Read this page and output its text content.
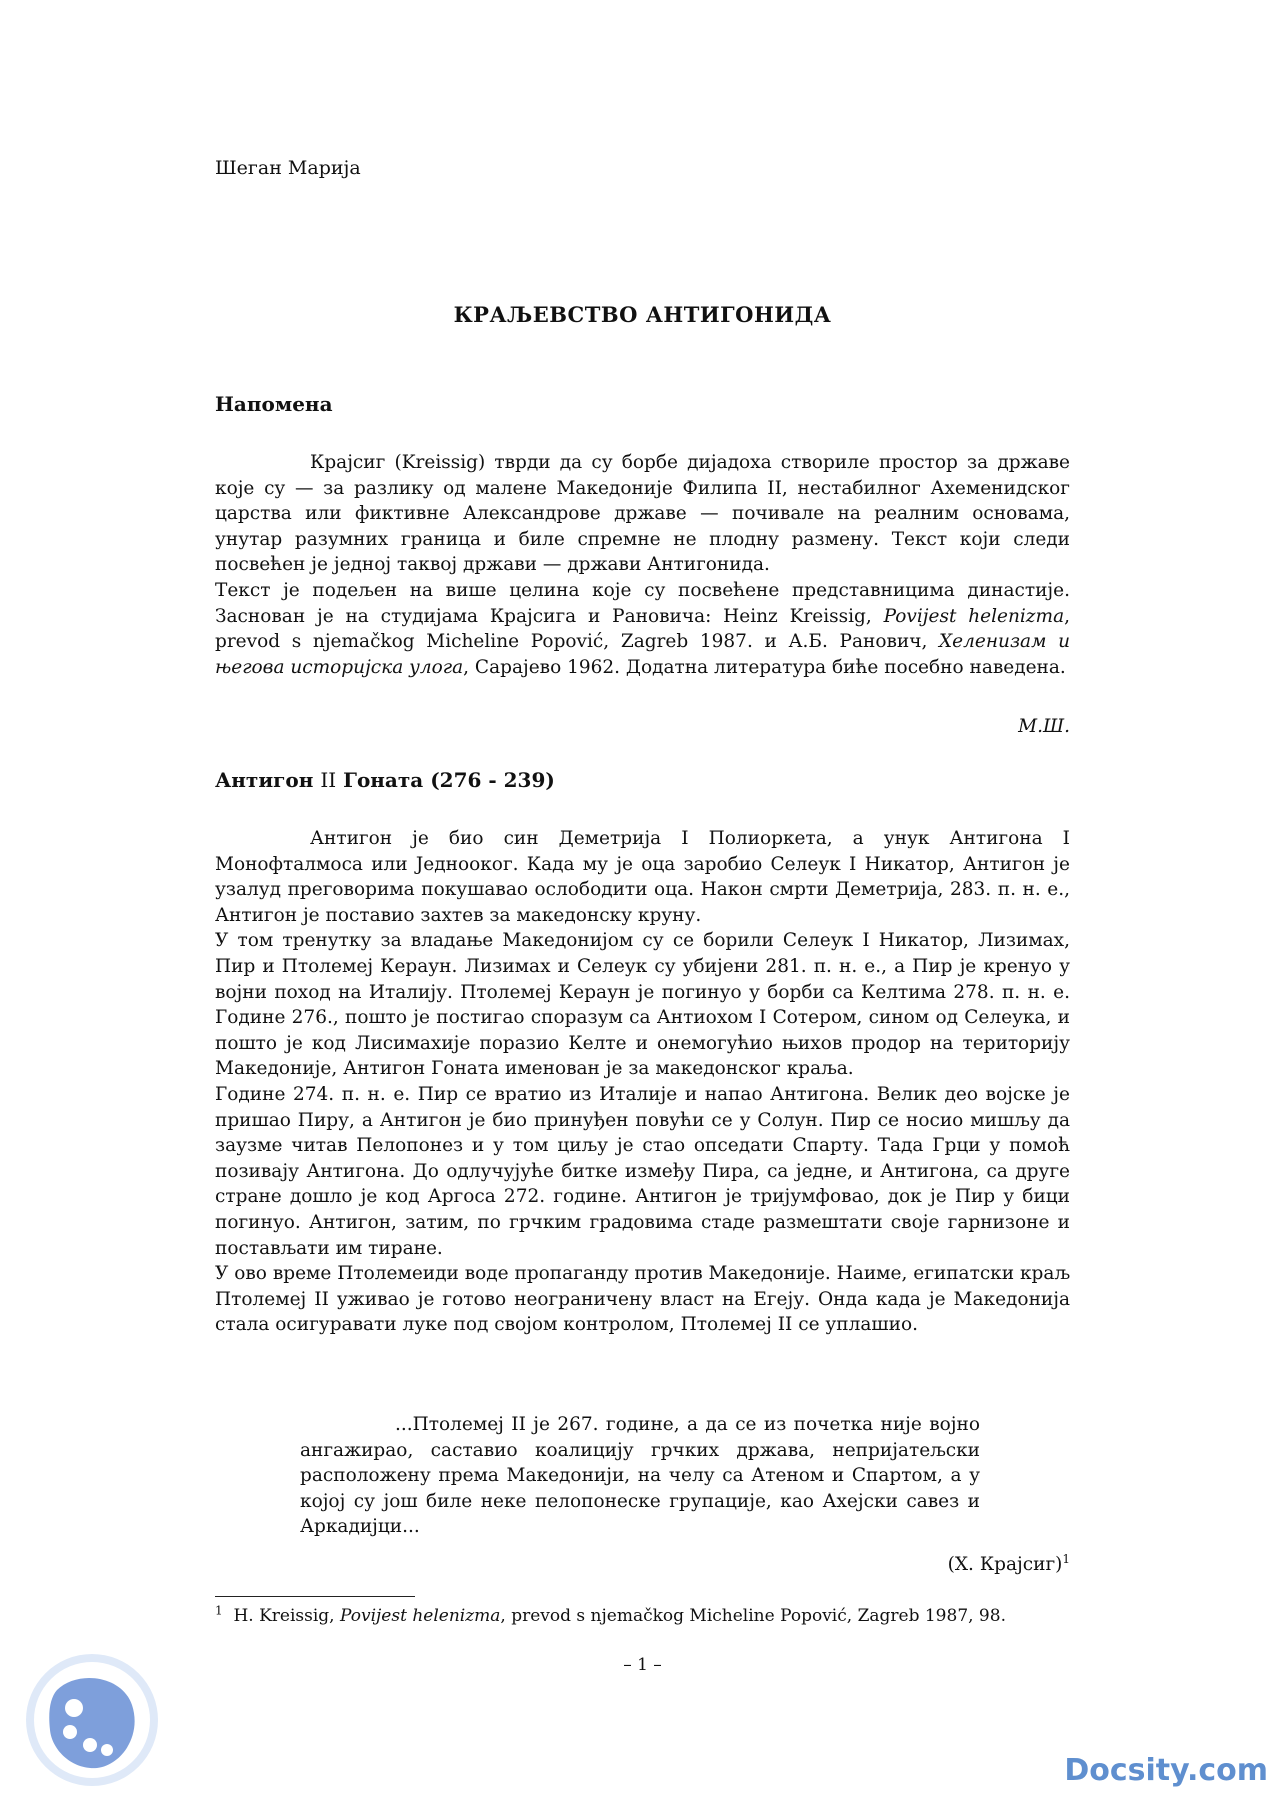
Шеган Марија
КРАЉЕВСТВО АНТИГОНИДА
Напомена

Крајсиг (Kreissig) тврди да су борбе дијадоха створиле простор за државе које су — за разлику од малене Македоније Филипа II, нестабилног Ахеменидског царства или фиктивне Александрове државе — почивале на реалним основама, унутар разумних граница и биле спремне не плодну размену. Текст који следи посвећен је једној таквој држави — држави Антигонида.

Текст је подељен на више целина које су посвећене представницима династије. Заснован је на студијама Крајсига и Рановича: Heinz Kreissig, Povijest helenizma, prevod s njemačkog Micheline Popović, Zagreb 1987. и А.Б. Ранович, Хеленизам и његова историјска улога, Сарајево 1962. Додатна литература биће посебно наведена.

М.Ш.
Антигон II Гоната (276 - 239)

Антигон је био син Деметрија I Полиоркета, а унук Антигона I Монофталмоса или Једнооког. Када му је оца заробио Селеук I Никатор, Антигон је узалуд преговорима покушавао ослободити оца. Након смрти Деметрија, 283. п. н. е., Антигон је поставио захтев за македонску круну.

У том тренутку за владање Македонијом су се борили Селеук I Никатор, Лизимах, Пир и Птолемеј Кераун. Лизимах и Селеук су убијени 281. п. н. е., а Пир је кренуо у војни поход на Италију. Птолемеј Кераун је погинуо у борби са Келтима 278. п. н. е. Године 276., пошто је постигао споразум са Антиохом I Сотером, сином од Селеука, и пошто је код Лисимахије поразио Келте и онемогућио њихов продор на територију Македоније, Антигон Гоната именован је за македонског краља.

Године 274. п. н. е. Пир се вратио из Италије и напао Антигона. Велик део војске је пришао Пиру, а Антигон је био принуђен повући се у Солун. Пир се носио мишљу да заузме читав Пелопонез и у том циљу је стао опседати Спарту. Тада Грци у помоћ позивају Антигона. До одлучујуће битке између Пира, са једне, и Антигона, са друге стране дошло је код Аргоса 272. године. Антигон је тријумфовао, док је Пир у бици погинуо. Антигон, затим, по грчким градовима стаде размештати своје гарнизоне и постављати им тиране.

У ово време Птолемеиди воде пропаганду против Македоније. Наиме, египатски краљ Птолемеј II уживао је готово неограничену власт на Егеју. Онда када је Македонија стала осигуравати луке под својом контролом, Птолемеј II се уплашио.

...Птолемеј II је 267. године, а да се из почетка није војно ангажирао, саставио коалицију грчких држава, непријатељски расположену према Македонији, на челу са Атеном и Спартом, а у којој су још биле неке пелопонеске групације, као Ахејски савез и Аркадијци...

(Х. Крајсиг)$^1$
$^1$ H. Kreissig, Povijest helenizma, prevod s njemačkog Micheline Popović, Zagreb 1987, 98.
– 1 –
Docsity.com
